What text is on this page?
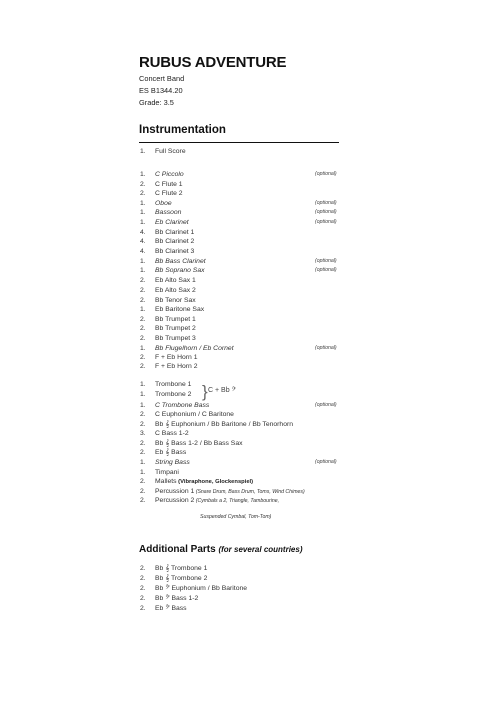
RUBUS ADVENTURE
Concert Band
ES B1344.20
Grade: 3.5
Instrumentation
1. Full Score
1. C Piccolo	(optional)
2. C Flute 1
2. C Flute 2
1. Oboe	(optional)
1. Bassoon	(optional)
1. Eb Clarinet	(optional)
4. Bb Clarinet 1
4. Bb Clarinet 2
4. Bb Clarinet 3
1. Bb Bass Clarinet	(optional)
1. Bb Soprano Sax	(optional)
2. Eb Alto Sax 1
2. Eb Alto Sax 2
2. Bb Tenor Sax
1. Eb Baritone Sax
2. Bb Trumpet 1
2. Bb Trumpet 2
2. Bb Trumpet 3
1. Bb Flugelhorn / Eb Cornet	(optional)
2. F + Eb Horn 1
2. F + Eb Horn 2
1. Trombone 1
1. Trombone 2
1. C Trombone Bass	(optional)
2. C Euphonium / C Baritone
2. Bb 𝄞 Euphonium / Bb Baritone / Bb Tenorhorn
3. C Bass 1-2
2. Bb 𝄞 Bass 1-2 / Bb Bass Sax
2. Eb 𝄞 Bass
1. String Bass	(optional)
1. Timpani
2. Mallets (Vibraphone, Glockenspiel)
2. Percussion 1 (Snare Drum, Bass Drum, Toms, Wind Chimes)
2. Percussion 2 (Cymbals a 2, Triangle, Tambourine,
} C + Bb 𝄢
Suspended Cymbal, Tom-Tom)
Additional Parts (for several countries)
2. Bb 𝄞 Trombone 1
2. Bb 𝄞 Trombone 2
2. Bb 𝄢 Euphonium / Bb Baritone
2. Bb 𝄢 Bass 1-2
2. Eb 𝄢 Bass
